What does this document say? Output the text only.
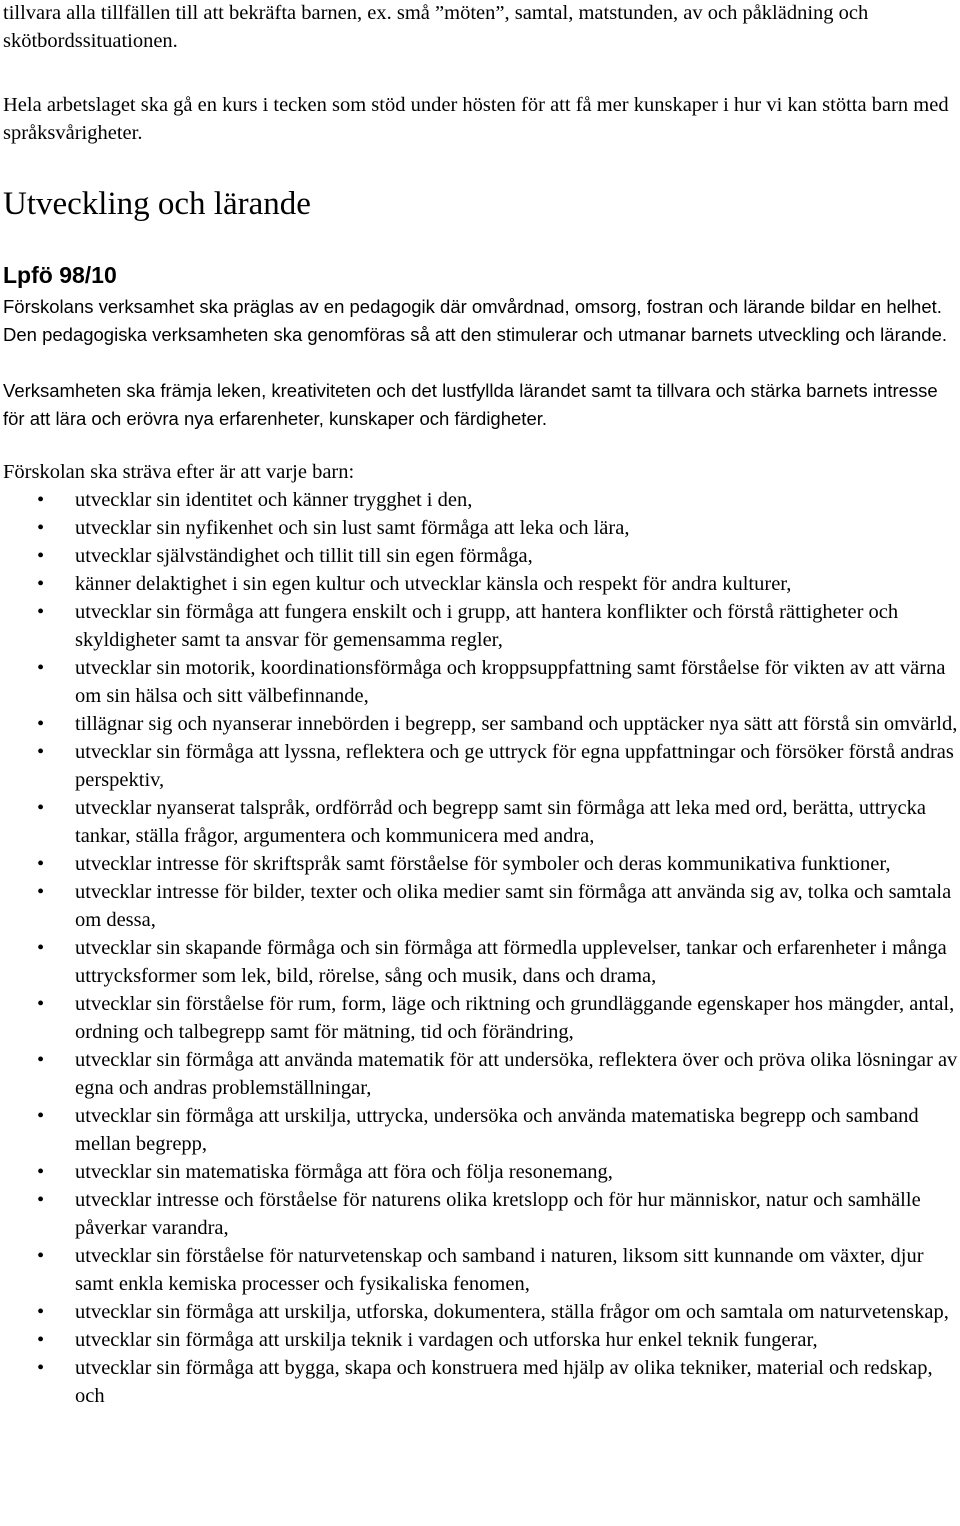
tillvara alla tillfällen till att bekräfta barnen, ex. små ”möten”, samtal, matstunden, av och påklädning och skötbordssituationen.

Hela arbetslaget ska gå en kurs i tecken som stöd under hösten för att få mer kunskaper i hur vi kan stötta barn med språksvårigheter.

Utveckling och lärande
Lpfö 98/10

Förskolans verksamhet ska präglas av en pedagogik där omvårdnad, omsorg, fostran och lärande bildar en helhet. Den pedagogiska verksamheten ska genomföras så att den stimulerar och utmanar barnets utveckling och lärande.

Verksamheten ska främja leken, kreativiteten och det lustfyllda lärandet samt ta tillvara och stärka barnets intresse för att lära och erövra nya erfarenheter, kunskaper och färdigheter.

Förskolan ska sträva efter är att varje barn:

• utvecklar sin identitet och känner trygghet i den,
• utvecklar sin nyfikenhet och sin lust samt förmåga att leka och lära,
• utvecklar självständighet och tillit till sin egen förmåga,
• känner delaktighet i sin egen kultur och utvecklar känsla och respekt för andra kulturer,
• utvecklar sin förmåga att fungera enskilt och i grupp, att hantera konflikter och förstå rättigheter och skyldigheter samt ta ansvar för gemensamma regler,
• utvecklar sin motorik, koordinationsförmåga och kroppsuppfattning samt förståelse för vikten av att värna om sin hälsa och sitt välbefinnande,
• tillägnar sig och nyanserar innebörden i begrepp, ser samband och upptäcker nya sätt att förstå sin omvärld,
• utvecklar sin förmåga att lyssna, reflektera och ge uttryck för egna uppfattningar och försöker förstå andras perspektiv,
• utvecklar nyanserat talspråk, ordförråd och begrepp samt sin förmåga att leka med ord, berätta, uttrycka tankar, ställa frågor, argumentera och kommunicera med andra,
• utvecklar intresse för skriftspråk samt förståelse för symboler och deras kommunikativa funktioner,
• utvecklar intresse för bilder, texter och olika medier samt sin förmåga att använda sig av, tolka och samtala om dessa,
• utvecklar sin skapande förmåga och sin förmåga att förmedla upplevelser, tankar och erfarenheter i många uttrycksformer som lek, bild, rörelse, sång och musik, dans och drama,
• utvecklar sin förståelse för rum, form, läge och riktning och grundläggande egenskaper hos mängder, antal, ordning och talbegrepp samt för mätning, tid och förändring,
• utvecklar sin förmåga att använda matematik för att undersöka, reflektera över och pröva olika lösningar av egna och andras problemställningar,
• utvecklar sin förmåga att urskilja, uttrycka, undersöka och använda matematiska begrepp och samband mellan begrepp,
• utvecklar sin matematiska förmåga att föra och följa resonemang,
• utvecklar intresse och förståelse för naturens olika kretslopp och för hur människor, natur och samhälle påverkar varandra,
• utvecklar sin förståelse för naturvetenskap och samband i naturen, liksom sitt kunnande om växter, djur samt enkla kemiska processer och fysikaliska fenomen,
• utvecklar sin förmåga att urskilja, utforska, dokumentera, ställa frågor om och samtala om naturvetenskap,
• utvecklar sin förmåga att urskilja teknik i vardagen och utforska hur enkel teknik fungerar,
• utvecklar sin förmåga att bygga, skapa och konstruera med hjälp av olika tekniker, material och redskap, och
